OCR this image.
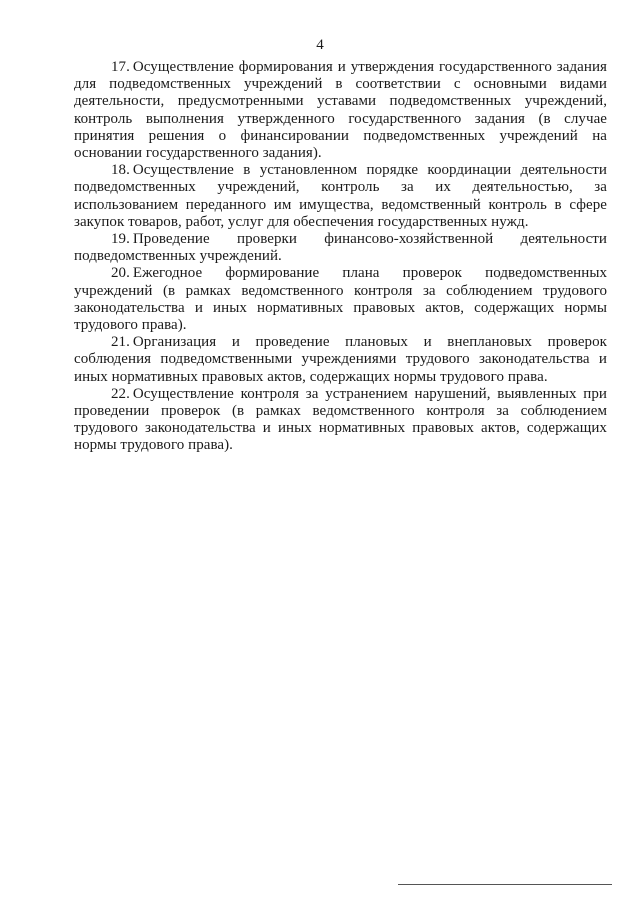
4

17. Осуществление формирования и утверждения государственного задания для подведомственных учреждений в соответствии с основными видами деятельности, предусмотренными уставами подведомственных учреждений, контроль выполнения утвержденного государственного задания (в случае принятия решения о финансировании подведомственных учреждений на основании государственного задания).

18. Осуществление в установленном порядке координации деятельности подведомственных учреждений, контроль за их деятельностью, за использованием переданного им имущества, ведомственный контроль в сфере закупок товаров, работ, услуг для обеспечения государственных нужд.

19. Проведение проверки финансово-хозяйственной деятельности подведомственных учреждений.

20. Ежегодное формирование плана проверок подведомственных учреждений (в рамках ведомственного контроля за соблюдением трудового законодательства и иных нормативных правовых актов, содержащих нормы трудового права).

21. Организация и проведение плановых и внеплановых проверок соблюдения подведомственными учреждениями трудового законодательства и иных нормативных правовых актов, содержащих нормы трудового права.

22. Осуществление контроля за устранением нарушений, выявленных при проведении проверок (в рамках ведомственного контроля за соблюдением трудового законодательства и иных нормативных правовых актов, содержащих нормы трудового права).
